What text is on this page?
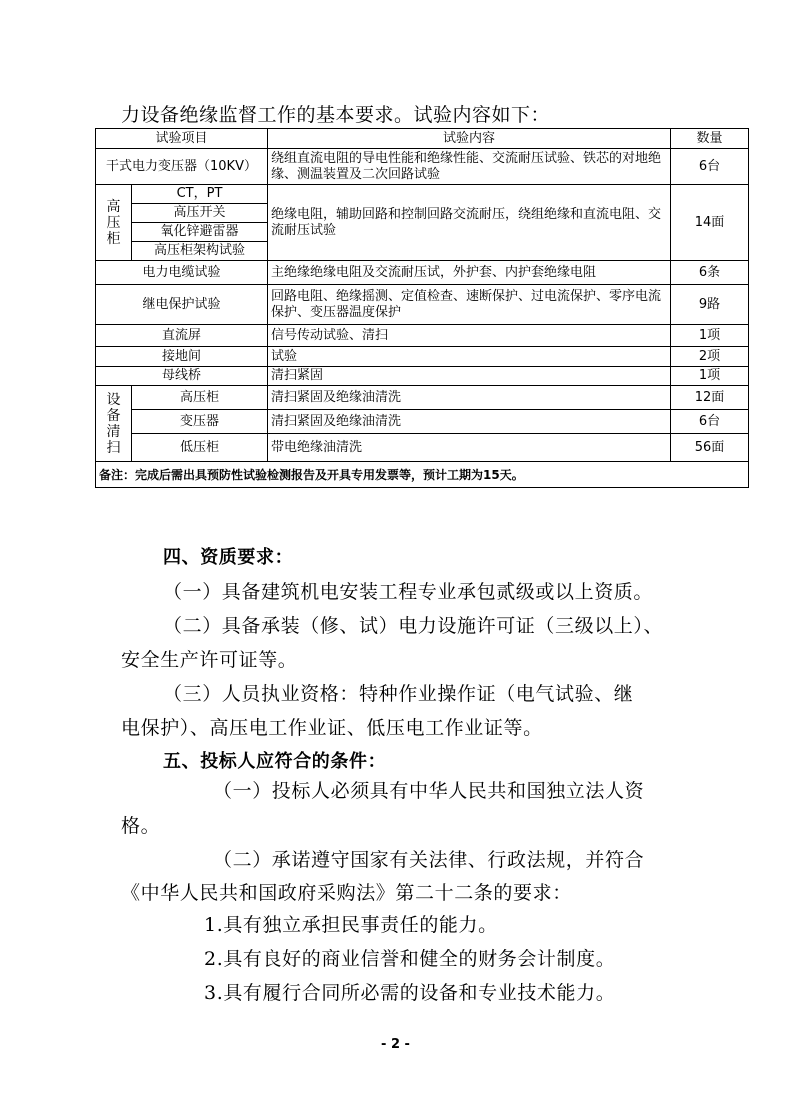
力设备绝缘监督工作的基本要求。试验内容如下：
试验项目		试验内容	数量
干式电力变压器（10KV）		绕组直流电阻的导电性能和绝缘性能、交流耐压试验、铁芯的对地绝缘、测温装置及二次回路试验	6台

高
压
柜	CT，PT	绝缘电阻，辅助回路和控制回路交流耐压，绕组绝缘和直流电阻、交流耐压试验	14面
	高压开关		
	氧化锌避雷器		
	高压柜架构试验		
电力电缆试验		主绝缘绝缘电阻及交流耐压试，外护套、内护套绝缘电阻	6条
继电保护试验		回路电阻、绝缘摇测、定值检查、速断保护、过电流保护、零序电流保护、变压器温度保护	9路
直流屏		信号传动试验、清扫	1项
接地间		试验	2项
母线桥		清扫紧固	1项

设
备
清
扫	高压柜	清扫紧固及绝缘油清洗	12面
	变压器	清扫紧固及绝缘油清洗	6台
	低压柜	带电绝缘油清洗	56面
备注：完成后需出具预防性试验检测报告及开具专用发票等，预计工期为15天。			
四、资质要求：
（一）具备建筑机电安装工程专业承包贰级或以上资质。
（二）具备承装（修、试）电力设施许可证（三级以上）、
安全生产许可证等。
（三）人员执业资格：特种作业操作证（电气试验、继
电保护）、高压电工作业证、低压电工作业证等。
五、投标人应符合的条件：
（一）投标人必须具有中华人民共和国独立法人资
格。
（二）承诺遵守国家有关法律、行政法规，并符合
《中华人民共和国政府采购法》第二十二条的要求：
1.具有独立承担民事责任的能力。
2.具有良好的商业信誉和健全的财务会计制度。
3.具有履行合同所必需的设备和专业技术能力。
- 2 -
